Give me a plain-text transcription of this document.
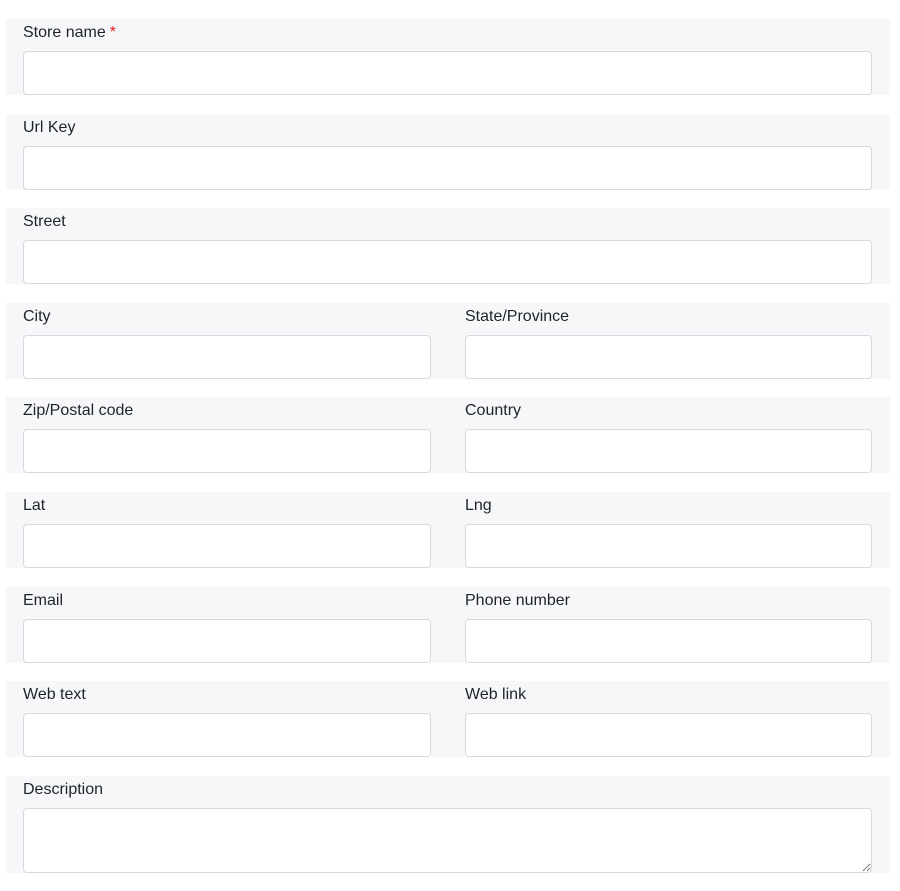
Store name *
Url Key
Street
City	State/Province
Zip/Postal code	Country
Lat	Lng
Email	Phone number
Web text	Web link
Description
